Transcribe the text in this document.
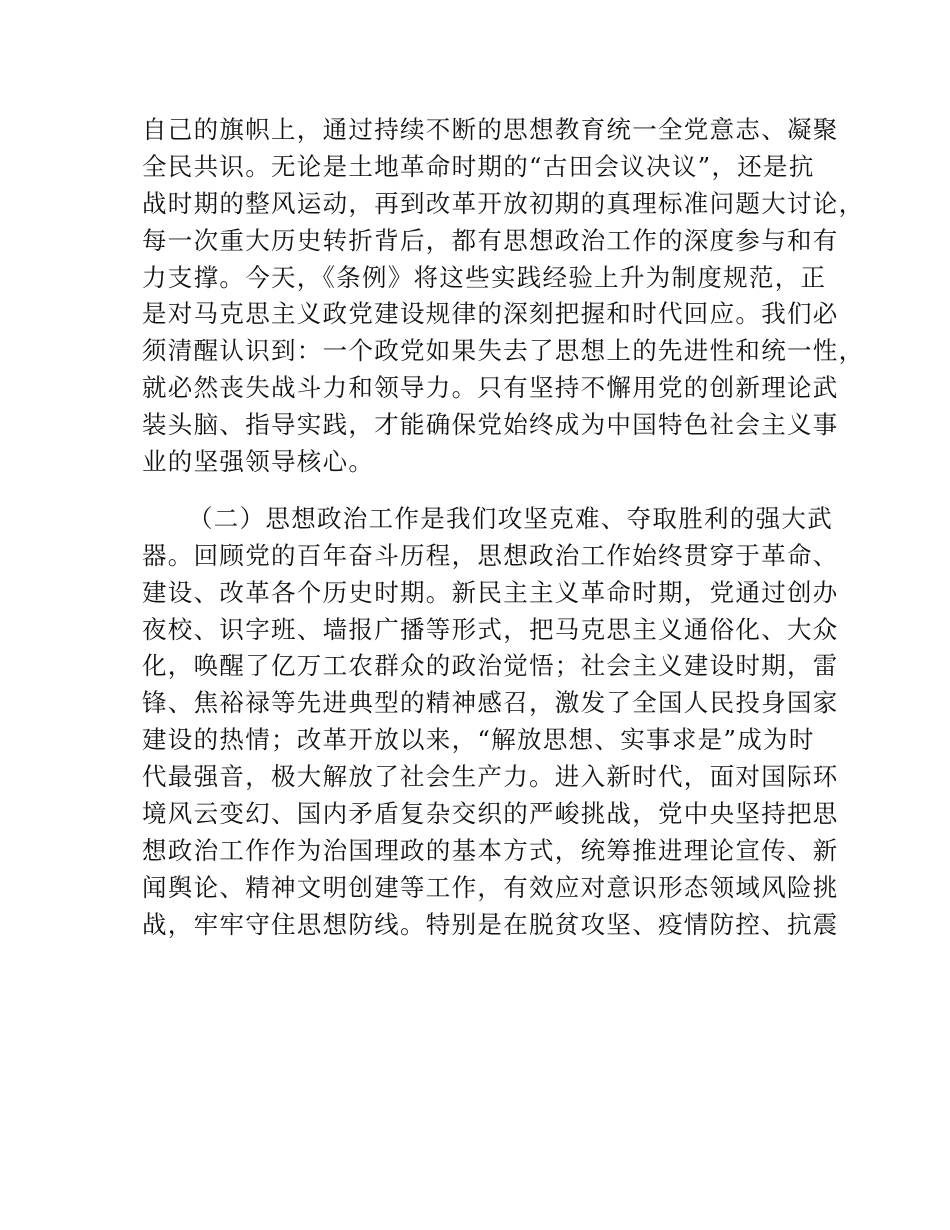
自己的旗帜上，通过持续不断的思想教育统一全党意志、凝聚
全民共识。无论是土地革命时期的“古田会议决议”，还是抗
战时期的整风运动，再到改革开放初期的真理标准问题大讨论，
每一次重大历史转折背后，都有思想政治工作的深度参与和有
力支撑。今天，《条例》将这些实践经验上升为制度规范，正
是对马克思主义政党建设规律的深刻把握和时代回应。我们必
须清醒认识到：一个政党如果失去了思想上的先进性和统一性，
就必然丧失战斗力和领导力。只有坚持不懈用党的创新理论武
装头脑、指导实践，才能确保党始终成为中国特色社会主义事
业的坚强领导核心。
（二）思想政治工作是我们攻坚克难、夺取胜利的强大武
器。回顾党的百年奋斗历程，思想政治工作始终贯穿于革命、
建设、改革各个历史时期。新民主主义革命时期，党通过创办
夜校、识字班、墙报广播等形式，把马克思主义通俗化、大众
化，唤醒了亿万工农群众的政治觉悟；社会主义建设时期，雷
锋、焦裕禄等先进典型的精神感召，激发了全国人民投身国家
建设的热情；改革开放以来，“解放思想、实事求是”成为时
代最强音，极大解放了社会生产力。进入新时代，面对国际环
境风云变幻、国内矛盾复杂交织的严峻挑战，党中央坚持把思
想政治工作作为治国理政的基本方式，统筹推进理论宣传、新
闻舆论、精神文明创建等工作，有效应对意识形态领域风险挑
战，牢牢守住思想防线。特别是在脱贫攻坚、疫情防控、抗震
